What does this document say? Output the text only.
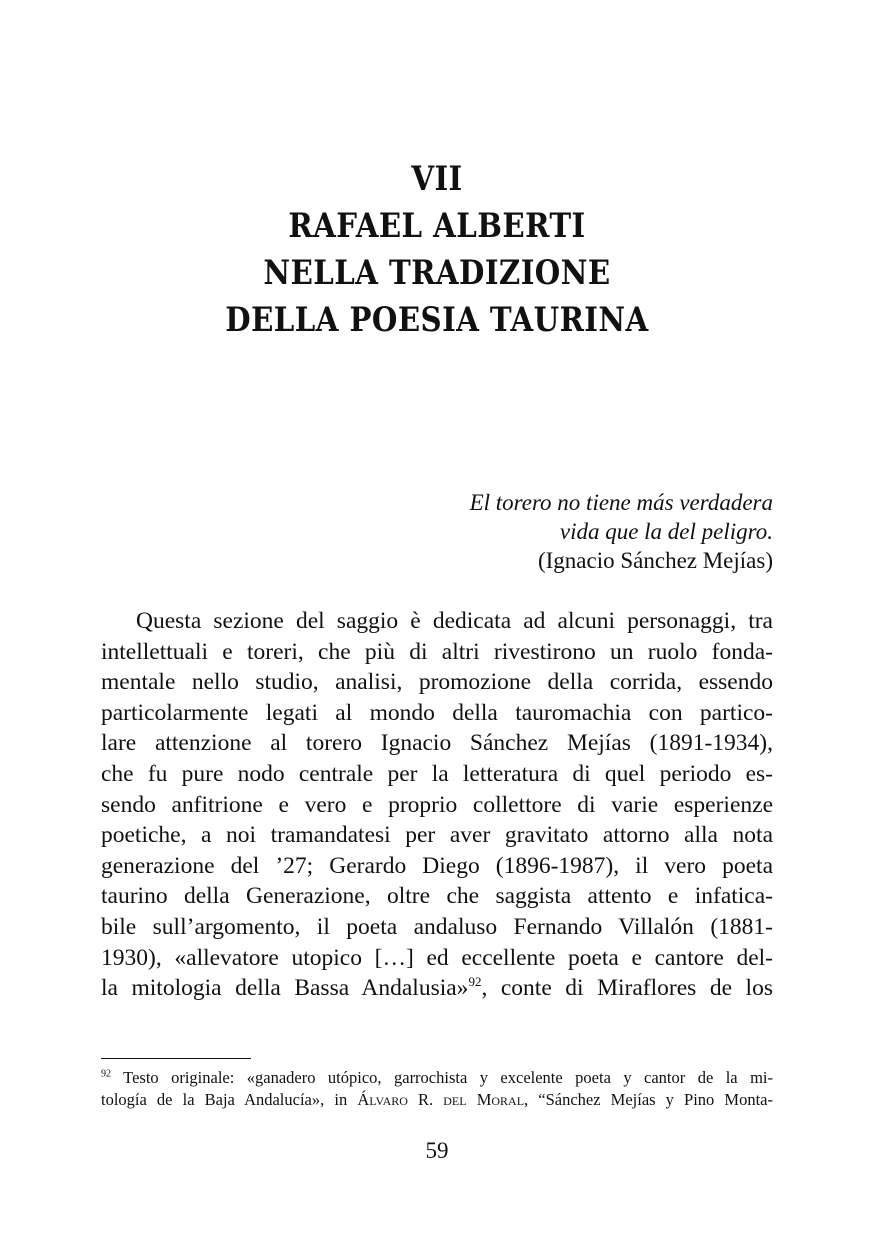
VII
RAFAEL ALBERTI
NELLA TRADIZIONE
DELLA POESIA TAURINA
El torero no tiene más verdadera
vida que la del peligro.
(Ignacio Sánchez Mejías)
Questa sezione del saggio è dedicata ad alcuni personaggi, tra
intellettuali e toreri, che più di altri rivestirono un ruolo fonda-
mentale nello studio, analisi, promozione della corrida, essendo
particolarmente legati al mondo della tauromachia con partico-
lare attenzione al torero Ignacio Sánchez Mejías (1891-1934),
che fu pure nodo centrale per la letteratura di quel periodo es-
sendo anfitrione e vero e proprio collettore di varie esperienze
poetiche, a noi tramandatesi per aver gravitato attorno alla nota
generazione del ’27; Gerardo Diego (1896-1987), il vero poeta
taurino della Generazione, oltre che saggista attento e infatica-
bile sull’argomento, il poeta andaluso Fernando Villalón (1881-
1930), «allevatore utopico […] ed eccellente poeta e cantore del-
la mitologia della Bassa Andalusia»$^{92}$, conte di Miraflores de los
$^{92}$ Testo originale: «ganadero utópico, garrochista y excelente poeta y cantor de la mi-
tología de la Baja Andalucía», in Álvaro R. del Moral, “Sánchez Mejías y Pino Monta-
59
